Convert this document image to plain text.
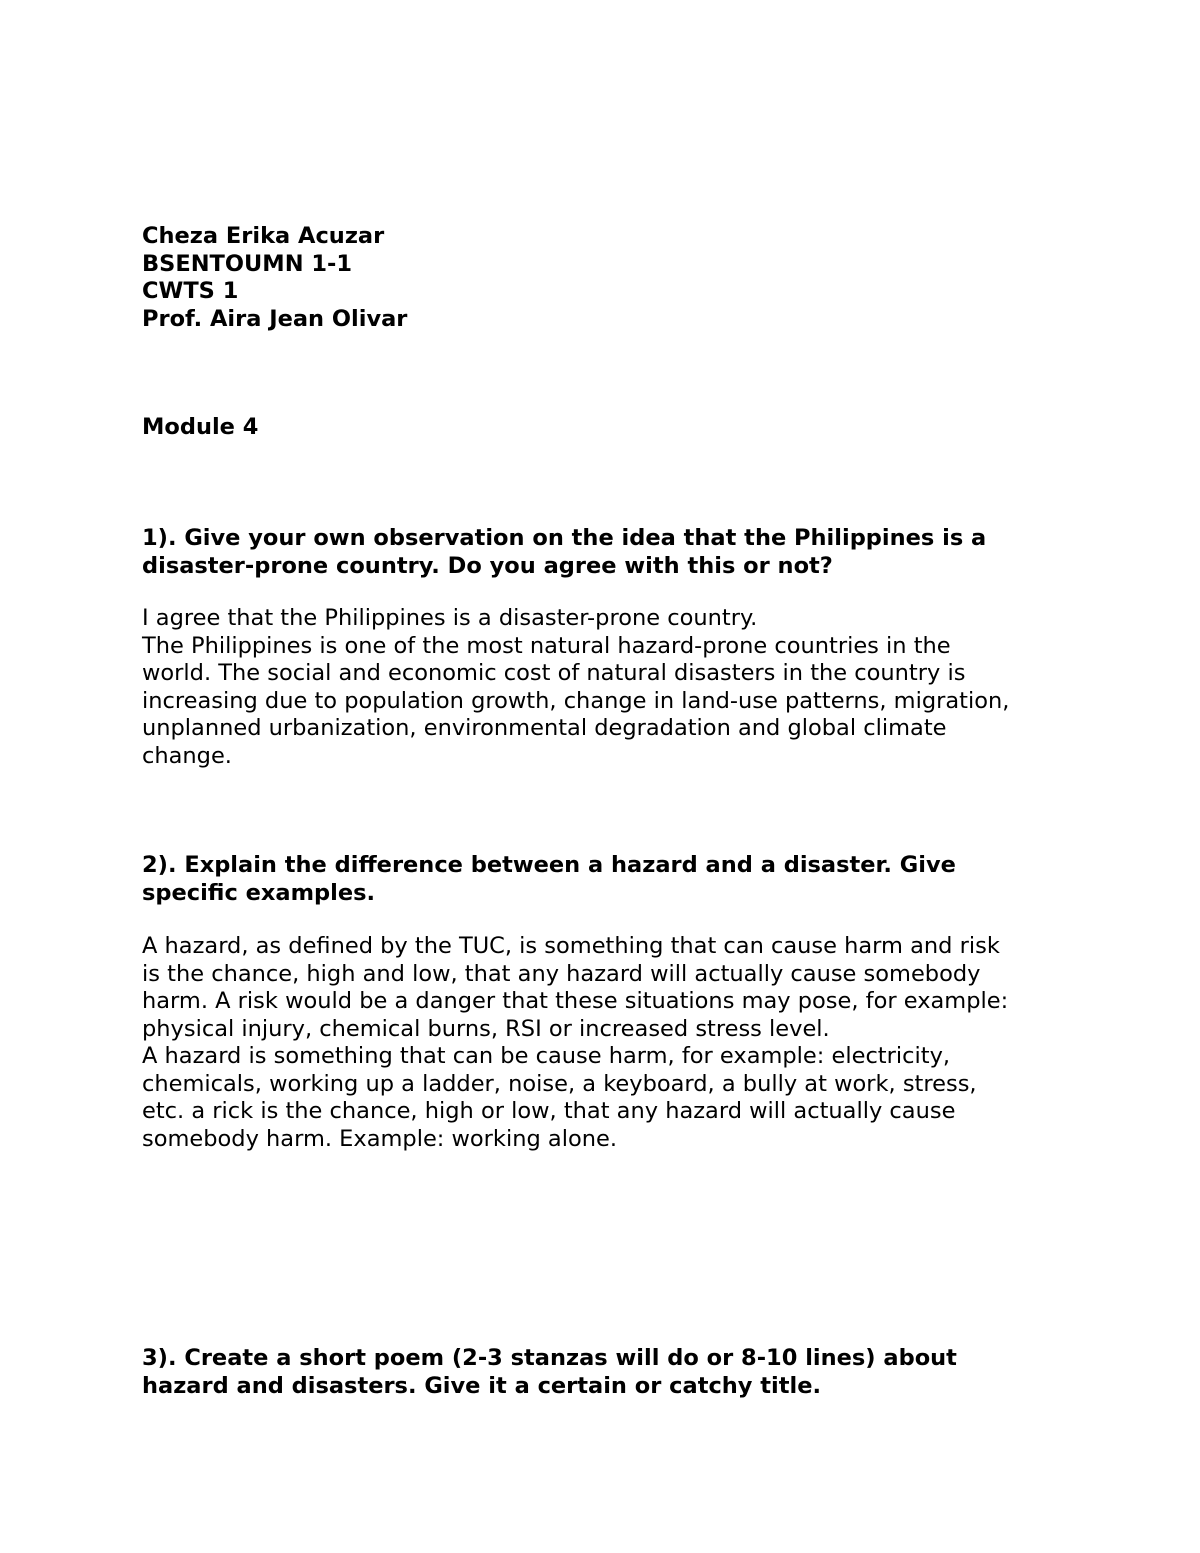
Cheza Erika Acuzar
BSENTOUMN 1-1
CWTS 1
Prof. Aira Jean Olivar
Module 4
1). Give your own observation on the idea that the Philippines is a
disaster-prone country. Do you agree with this or not?
I agree that the Philippines is a disaster-prone country.
The Philippines is one of the most natural hazard-prone countries in the
world. The social and economic cost of natural disasters in the country is
increasing due to population growth, change in land-use patterns, migration,
unplanned urbanization, environmental degradation and global climate
change.
2). Explain the difference between a hazard and a disaster. Give
specific examples.
A hazard, as defined by the TUC, is something that can cause harm and risk
is the chance, high and low, that any hazard will actually cause somebody
harm. A risk would be a danger that these situations may pose, for example:
physical injury, chemical burns, RSI or increased stress level.
A hazard is something that can be cause harm, for example: electricity,
chemicals, working up a ladder, noise, a keyboard, a bully at work, stress,
etc. a rick is the chance, high or low, that any hazard will actually cause
somebody harm. Example: working alone.
3). Create a short poem (2-3 stanzas will do or 8-10 lines) about
hazard and disasters. Give it a certain or catchy title.
